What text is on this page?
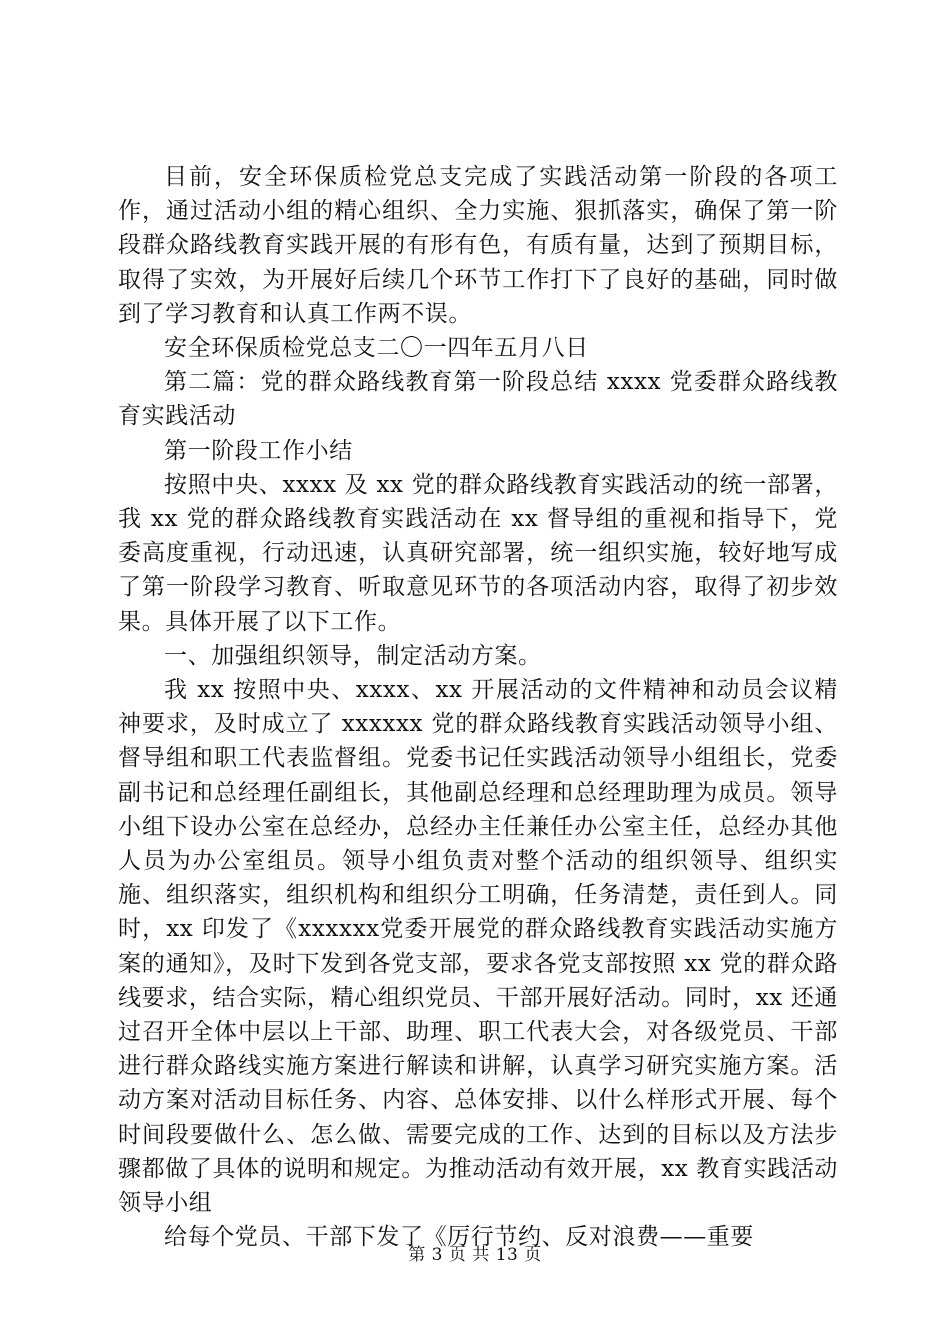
目前，安全环保质检党总支完成了实践活动第一阶段的各项工作，通过活动小组的精心组织、全力实施、狠抓落实，确保了第一阶段群众路线教育实践开展的有形有色，有质有量，达到了预期目标，取得了实效，为开展好后续几个环节工作打下了良好的基础，同时做到了学习教育和认真工作两不误。

安全环保质检党总支二〇一四年五月八日

第二篇：党的群众路线教育第一阶段总结 xxxx 党委群众路线教育实践活动

第一阶段工作小结

按照中央、xxxx 及 xx 党的群众路线教育实践活动的统一部署，我 xx 党的群众路线教育实践活动在 xx 督导组的重视和指导下，党委高度重视，行动迅速，认真研究部署，统一组织实施，较好地写成了第一阶段学习教育、听取意见环节的各项活动内容，取得了初步效果。具体开展了以下工作。

一、加强组织领导，制定活动方案。

我 xx 按照中央、xxxx、xx 开展活动的文件精神和动员会议精神要求，及时成立了 xxxxxx 党的群众路线教育实践活动领导小组、督导组和职工代表监督组。党委书记任实践活动领导小组组长，党委副书记和总经理任副组长，其他副总经理和总经理助理为成员。领导小组下设办公室在总经办，总经办主任兼任办公室主任，总经办其他人员为办公室组员。领导小组负责对整个活动的组织领导、组织实施、组织落实，组织机构和组织分工明确，任务清楚，责任到人。同时，xx 印发了《xxxxxx党委开展党的群众路线教育实践活动实施方案的通知》，及时下发到各党支部，要求各党支部按照 xx 党的群众路线要求，结合实际，精心组织党员、干部开展好活动。同时，xx 还通过召开全体中层以上干部、助理、职工代表大会，对各级党员、干部进行群众路线实施方案进行解读和讲解，认真学习研究实施方案。活动方案对活动目标任务、内容、总体安排、以什么样形式开展、每个时间段要做什么、怎么做、需要完成的工作、达到的目标以及方法步骤都做了具体的说明和规定。为推动活动有效开展，xx 教育实践活动领导小组

给每个党员、干部下发了《厉行节约、反对浪费——重要

第 3 页 共 13 页
